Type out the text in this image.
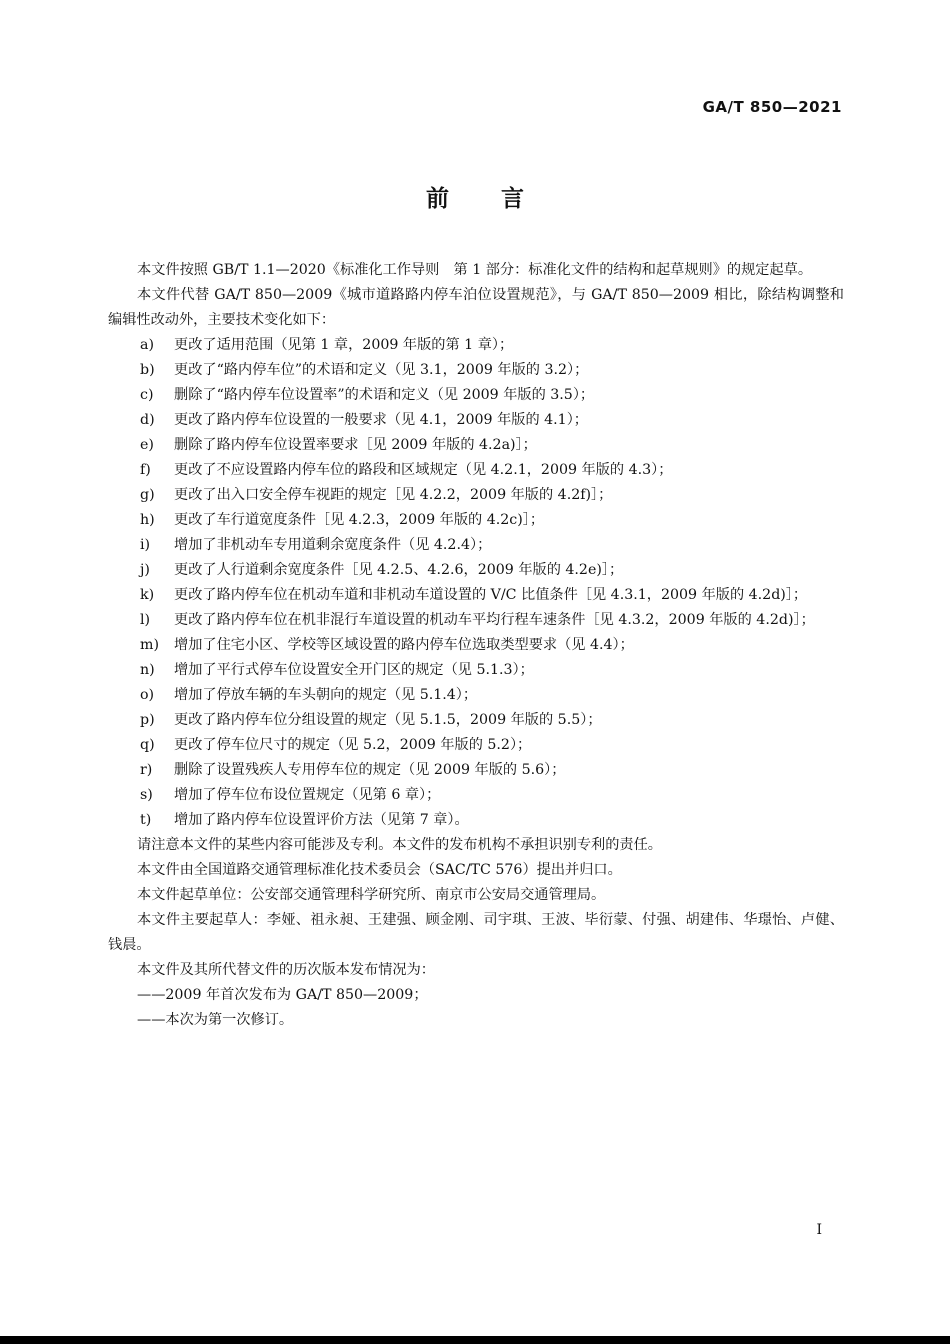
GA/T 850—2021
前言

本文件按照 GB/T 1.1—2020《标准化工作导则　第 1 部分：标准化文件的结构和起草规则》的规定起草。

本文件代替 GA/T 850—2009《城市道路路内停车泊位设置规范》，与 GA/T 850—2009 相比，除结构调整和编辑性改动外，主要技术变化如下：

a) 更改了适用范围（见第 1 章，2009 年版的第 1 章）；
b) 更改了“路内停车位”的术语和定义（见 3.1，2009 年版的 3.2）；
c) 删除了“路内停车位设置率”的术语和定义（见 2009 年版的 3.5）；
d) 更改了路内停车位设置的一般要求（见 4.1，2009 年版的 4.1）；
e) 删除了路内停车位设置率要求［见 2009 年版的 4.2a)］；
f) 更改了不应设置路内停车位的路段和区域规定（见 4.2.1，2009 年版的 4.3）；
g) 更改了出入口安全停车视距的规定［见 4.2.2，2009 年版的 4.2f)］；
h) 更改了车行道宽度条件［见 4.2.3，2009 年版的 4.2c)］；
i) 增加了非机动车专用道剩余宽度条件（见 4.2.4）；
j) 更改了人行道剩余宽度条件［见 4.2.5、4.2.6，2009 年版的 4.2e)］；
k) 更改了路内停车位在机动车道和非机动车道设置的 V/C 比值条件［见 4.3.1，2009 年版的 4.2d)］；
l) 更改了路内停车位在机非混行车道设置的机动车平均行程车速条件［见 4.3.2，2009 年版的 4.2d)］；
m) 增加了住宅小区、学校等区域设置的路内停车位选取类型要求（见 4.4）；
n) 增加了平行式停车位设置安全开门区的规定（见 5.1.3）；
o) 增加了停放车辆的车头朝向的规定（见 5.1.4）；
p) 更改了路内停车位分组设置的规定（见 5.1.5，2009 年版的 5.5）；
q) 更改了停车位尺寸的规定（见 5.2，2009 年版的 5.2）；
r) 删除了设置残疾人专用停车位的规定（见 2009 年版的 5.6）；
s) 增加了停车位布设位置规定（见第 6 章）；
t) 增加了路内停车位设置评价方法（见第 7 章）。

请注意本文件的某些内容可能涉及专利。本文件的发布机构不承担识别专利的责任。

本文件由全国道路交通管理标准化技术委员会（SAC/TC 576）提出并归口。

本文件起草单位：公安部交通管理科学研究所、南京市公安局交通管理局。

本文件主要起草人：李娅、祖永昶、王建强、顾金刚、司宇琪、王波、毕衍蒙、付强、胡建伟、华璟怡、卢健、钱晨。

本文件及其所代替文件的历次版本发布情况为：

——2009 年首次发布为 GA/T 850—2009；

——本次为第一次修订。

I
